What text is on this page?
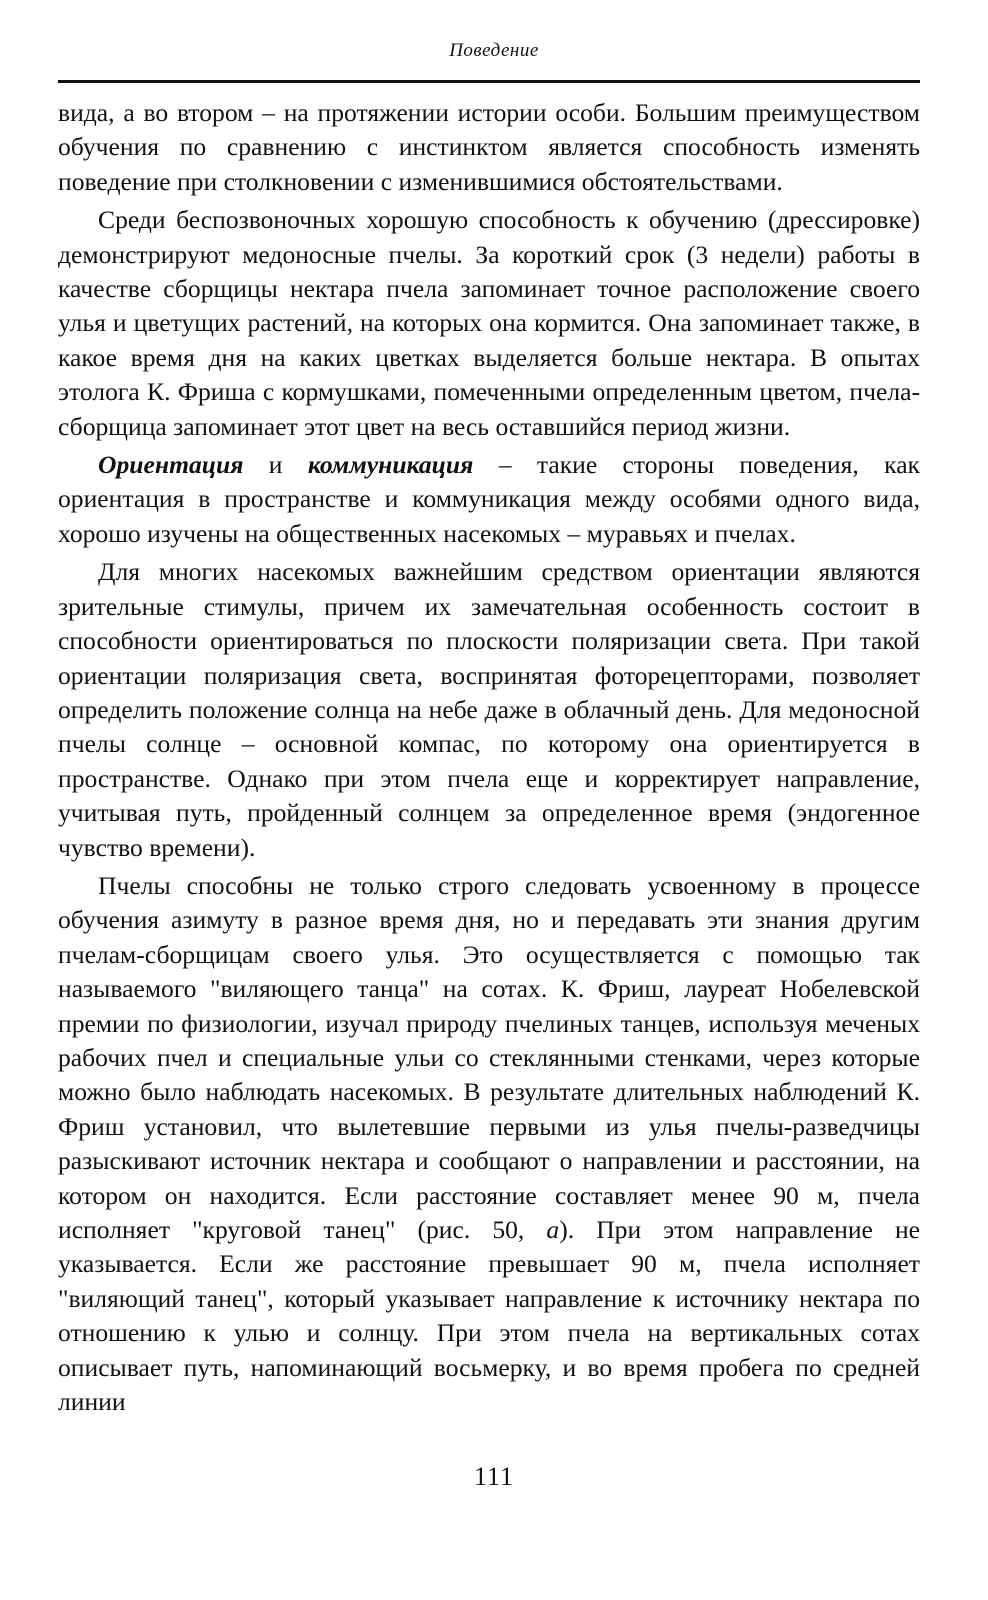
Поведение

вида, а во втором – на протяжении истории особи. Большим преимуществом обучения по сравнению с инстинктом является способность изменять поведение при столкновении с изменившимися обстоятельствами.

Среди беспозвоночных хорошую способность к обучению (дрессировке) демонстрируют медоносные пчелы. За короткий срок (3 недели) работы в качестве сборщицы нектара пчела запоминает точное расположение своего улья и цветущих растений, на которых она кормится. Она запоминает также, в какое время дня на каких цветках выделяется больше нектара. В опытах этолога К. Фриша с кормушками, помеченными определенным цветом, пчела-сборщица запоминает этот цвет на весь оставшийся период жизни.

Ориентация и коммуникация – такие стороны поведения, как ориентация в пространстве и коммуникация между особями одного вида, хорошо изучены на общественных насекомых – муравьях и пчелах.

Для многих насекомых важнейшим средством ориентации являются зрительные стимулы, причем их замечательная особенность состоит в способности ориентироваться по плоскости поляризации света. При такой ориентации поляризация света, воспринятая фоторецепторами, позволяет определить положение солнца на небе даже в облачный день. Для медоносной пчелы солнце – основной компас, по которому она ориентируется в пространстве. Однако при этом пчела еще и корректирует направление, учитывая путь, пройденный солнцем за определенное время (эндогенное чувство времени).

Пчелы способны не только строго следовать усвоенному в процессе обучения азимуту в разное время дня, но и передавать эти знания другим пчелам-сборщицам своего улья. Это осуществляется с помощью так называемого "виляющего танца" на сотах. К. Фриш, лауреат Нобелевской премии по физиологии, изучал природу пчелиных танцев, используя меченых рабочих пчел и специальные ульи со стеклянными стенками, через которые можно было наблюдать насекомых. В результате длительных наблюдений К. Фриш установил, что вылетевшие первыми из улья пчелы-разведчицы разыскивают источник нектара и сообщают о направлении и расстоянии, на котором он находится. Если расстояние составляет менее 90 м, пчела исполняет "круговой танец" (рис. 50, а). При этом направление не указывается. Если же расстояние превышает 90 м, пчела исполняет "виляющий танец", который указывает направление к источнику нектара по отношению к улью и солнцу. При этом пчела на вертикальных сотах описывает путь, напоминающий восьмерку, и во время пробега по средней линии

111
